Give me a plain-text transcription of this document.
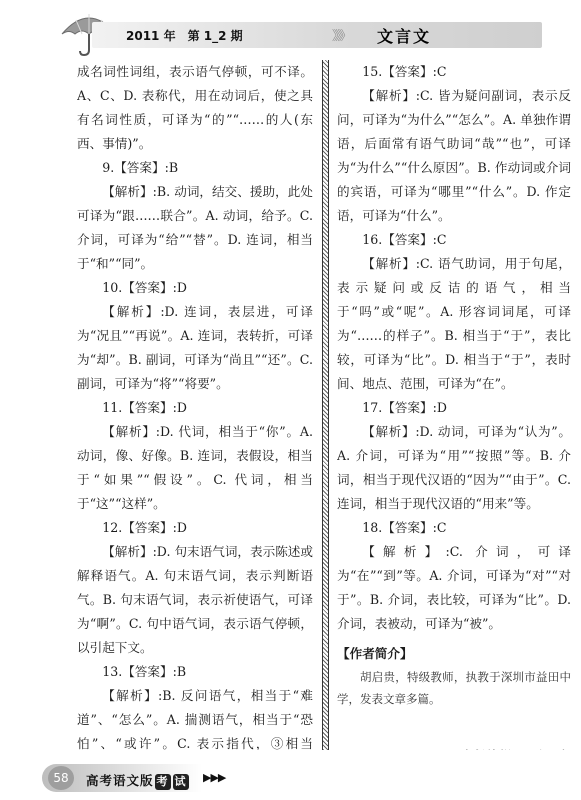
2011 年　第 1_2 期	》》》 文言文

成名词性词组，表示语气停顿，可不译。A、C、D. 表称代，用在动词后，使之具有名词性质，可译为“的”“……的人(东西、事情)”。

9.【答案】:B

【解析】:B. 动词，结交、援助，此处可译为“跟……联合”。A. 动词，给予。C. 介词，可译为“给”“替”。D. 连词，相当于“和”“同”。

10.【答案】:D

【解析】:D. 连词，表层进，可译为“况且”“再说”。A. 连词，表转折，可译为“却”。B. 副词，可译为“尚且”“还”。C. 副词，可译为“将”“将要”。

11.【答案】:D

【解析】:D. 代词，相当于“你”。A. 动词，像、好像。B. 连词，表假设，相当于“如果”“假设”。C. 代词，相当于“这”“这样”。

12.【答案】:D

【解析】:D. 句末语气词，表示陈述或解释语气。A. 句末语气词，表示判断语气。B. 句末语气词，表示祈使语气，可译为“啊”。C. 句中语气词，表示语气停顿，以引起下文。

13.【答案】:B

【解析】:B. 反问语气，相当于“难道”、“怎么”。A. 揣测语气，相当于“恐怕”、“或许”。C. 表示指代，③相当

15.【答案】:C

【解析】:C. 皆为疑问副词，表示反问，可译为“为什么”“怎么”。A. 单独作谓语，后面常有语气助词“哉”“也”，可译为“为什么”“什么原因”。B. 作动词或介词的宾语，可译为“哪里”“什么”。D. 作定语，可译为“什么”。

16.【答案】:C

【解析】:C. 语气助词，用于句尾，表示疑问或反诘的语气，相当于“吗”或“呢”。A. 形容词词尾，可译为“……的样子”。B. 相当于“于”，表比较，可译为“比”。D. 相当于“于”，表时间、地点、范围，可译为“在”。

17.【答案】:D

【解析】:D. 动词，可译为“认为”。A. 介词，可译为“用”“按照”等。B. 介词，相当于现代汉语的“因为”“由于”。C. 连词，相当于现代汉语的“用来”等。

18.【答案】:C

【解析】:C. 介词，可译为“在”“到”等。A. 介词，可译为“对”“对于”。B. 介词，表比较，可译为“比”。D. 介词，表被动，可译为“被”。

【作者简介】

胡启贵，特级教师，执教于深圳市益田中学，发表文章多篇。

58	高考语文版 考 试 ▶▶▶
